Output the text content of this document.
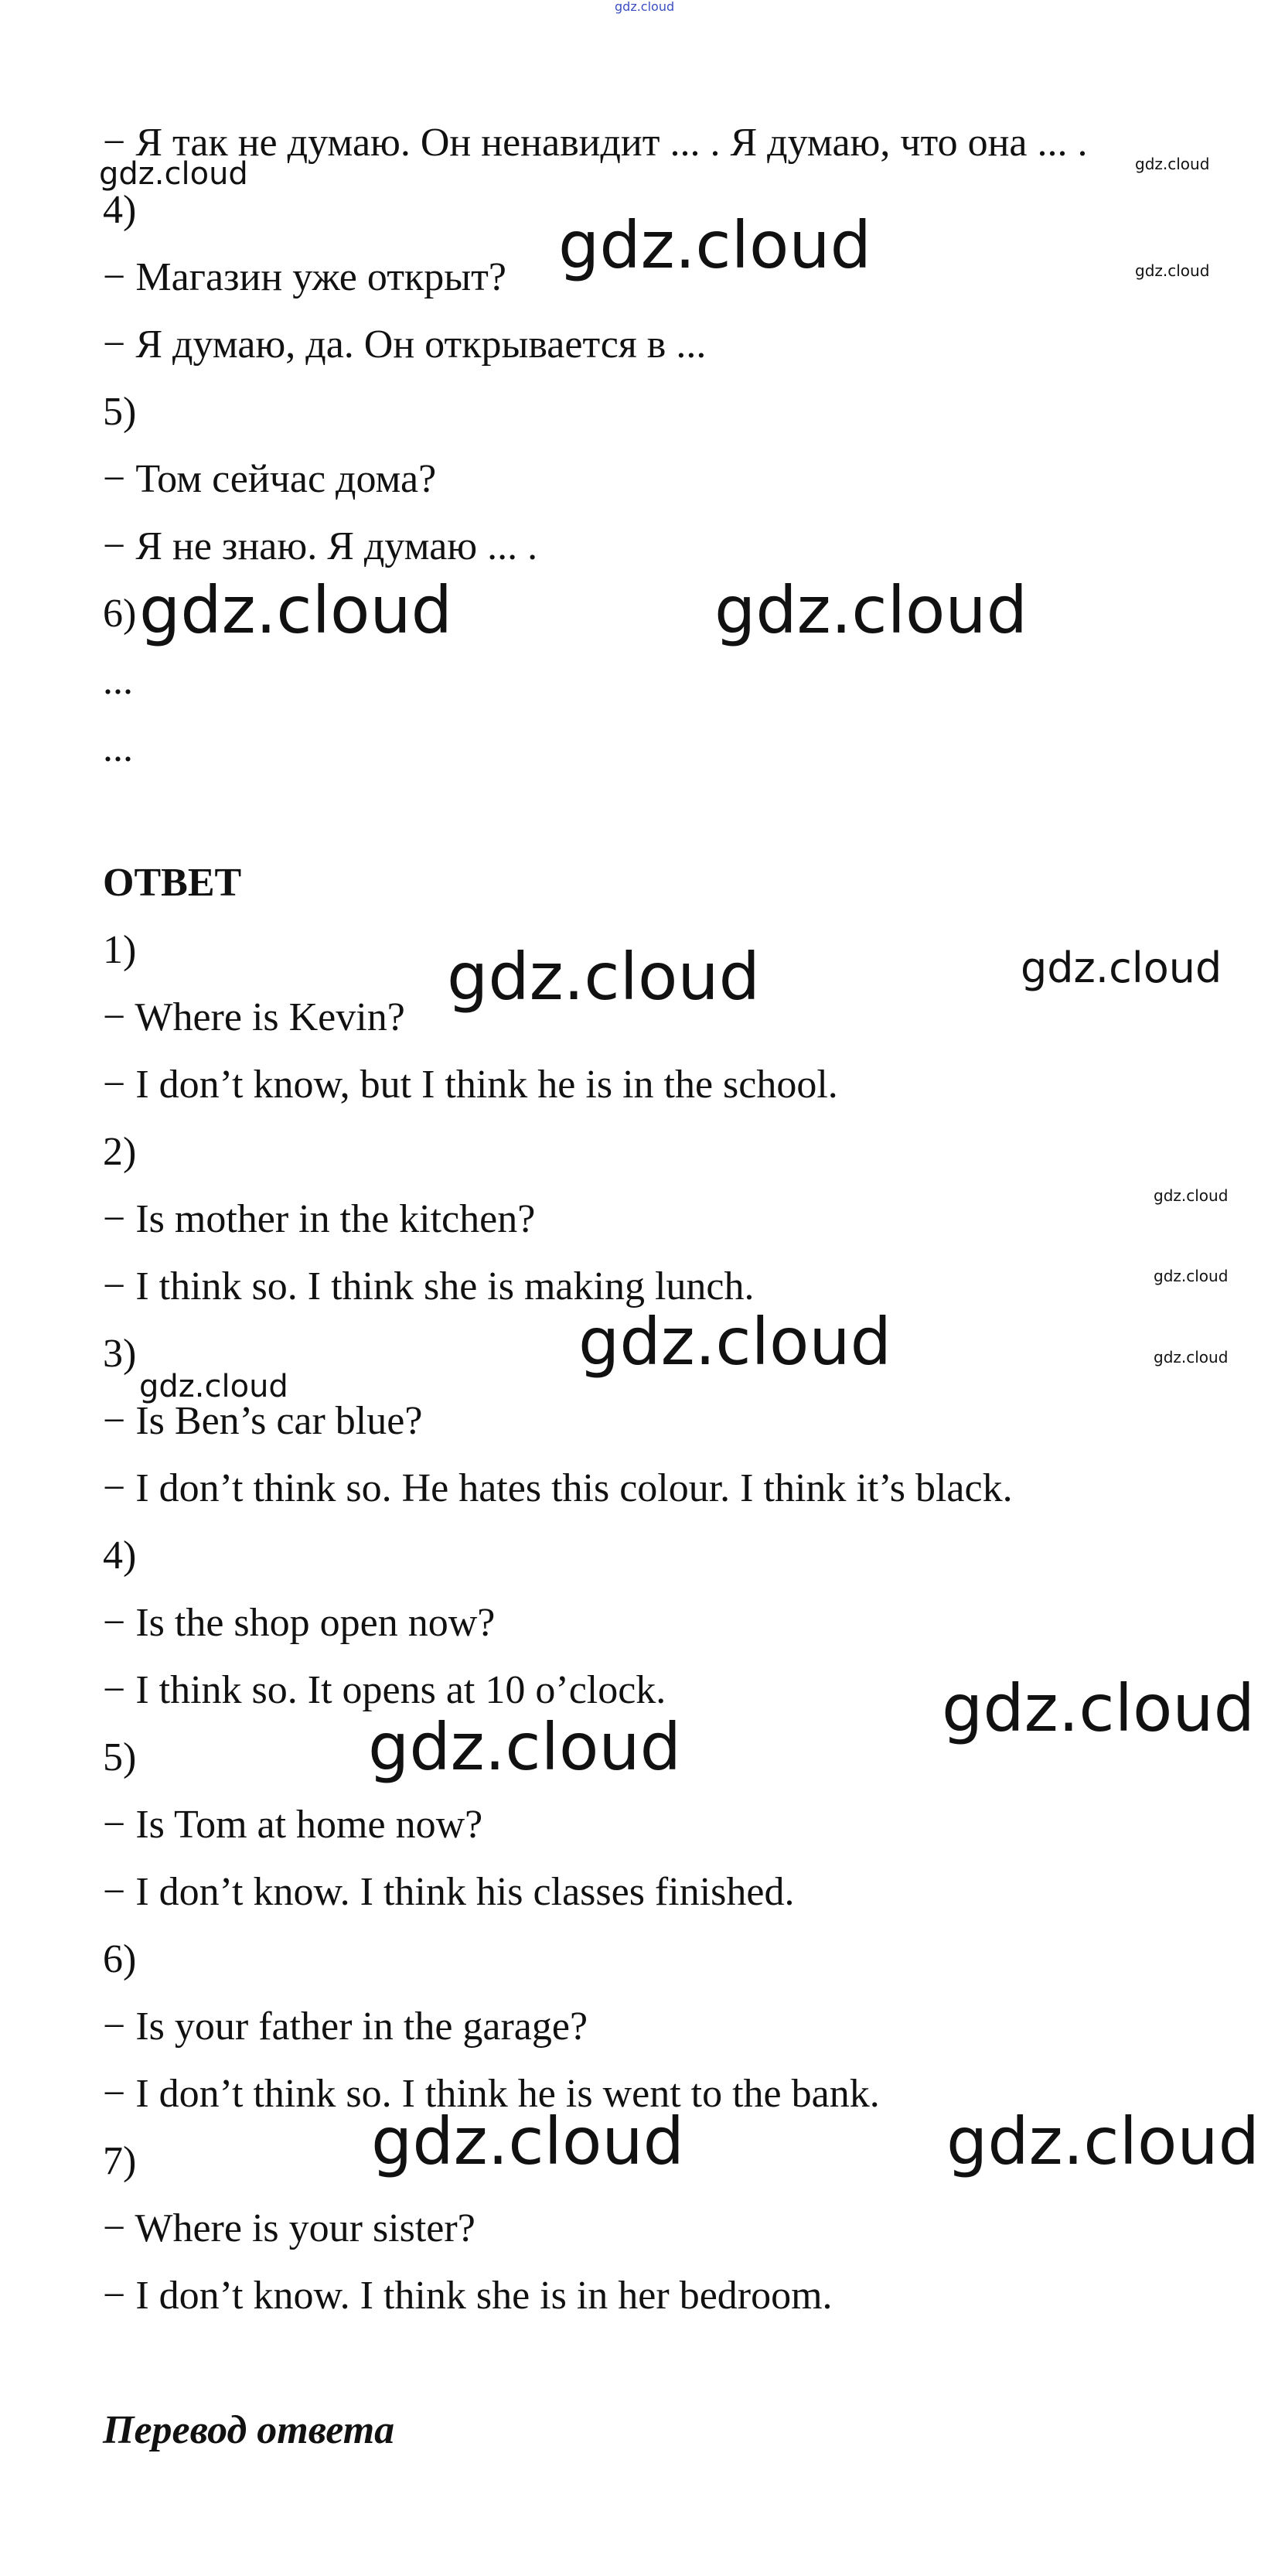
gdz.cloud
gdz.cloud	gdz.cloud
gdz.cloud	gdz.cloud
gdz.cloud	gdz.cloud
gdz.cloud	gdz.cloud
gdz.cloud
gdz.cloud
gdz.cloud	gdz.cloud
gdz.cloud
gdz.cloud
gdz.cloud
gdz.cloud	gdz.cloud
− Я так не думаю. Он ненавидит ... . Я думаю, что она ... .
4)
− Магазин уже открыт?
− Я думаю, да. Он открывается в ...
5)
− Том сейчас дома?
− Я не знаю. Я думаю ... .
6)
...
...
ОТВЕТ
1)
− Where is Kevin?
− I don’t know, but I think he is in the school.
2)
− Is mother in the kitchen?
− I think so. I think she is making lunch.
3)
− Is Ben’s car blue?
− I don’t think so. He hates this colour. I think it’s black.
4)
− Is the shop open now?
− I think so. It opens at 10 o’clock.
5)
− Is Tom at home now?
− I don’t know. I think his classes finished.
6)
− Is your father in the garage?
− I don’t think so. I think he is went to the bank.
7)
− Where is your sister?
− I don’t know. I think she is in her bedroom.
Перевод ответа
